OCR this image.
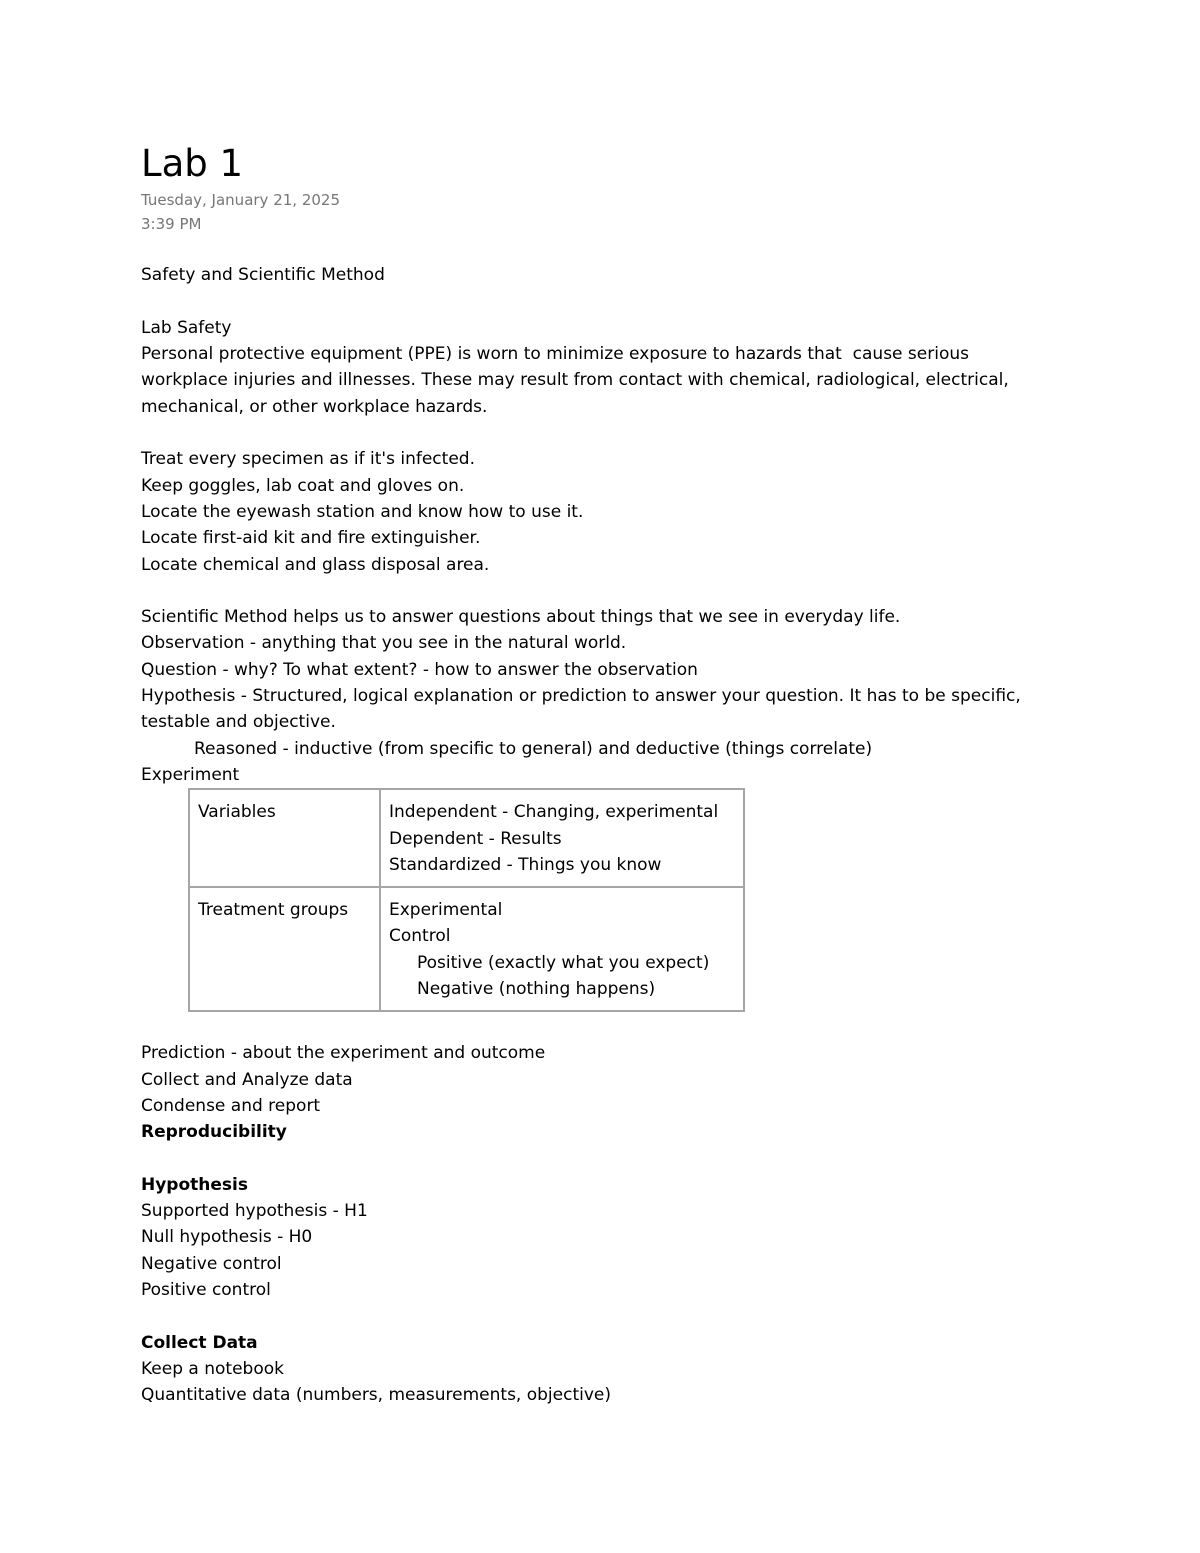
Lab 1
Tuesday, January 21, 2025
3:39 PM
Safety and Scientific Method
Lab Safety
Personal protective equipment (PPE) is worn to minimize exposure to hazards that  cause serious
workplace injuries and illnesses. These may result from contact with chemical, radiological, electrical,
mechanical, or other workplace hazards.
Treat every specimen as if it's infected.
Keep goggles, lab coat and gloves on.
Locate the eyewash station and know how to use it.
Locate first-aid kit and fire extinguisher.
Locate chemical and glass disposal area.
Scientific Method helps us to answer questions about things that we see in everyday life.
Observation - anything that you see in the natural world.
Question - why? To what extent? - how to answer the observation
Hypothesis - Structured, logical explanation or prediction to answer your question. It has to be specific,
testable and objective.
Reasoned - inductive (from specific to general) and deductive (things correlate)
Experiment
Variables	Independent - Changing, experimental
Dependent - Results
Standardized - Things you know

Treatment groups	Experimental
Control
Positive (exactly what you expect)
Negative (nothing happens)
Prediction - about the experiment and outcome
Collect and Analyze data
Condense and report
Reproducibility
Hypothesis
Supported hypothesis - H1
Null hypothesis - H0
Negative control
Positive control
Collect Data
Keep a notebook
Quantitative data (numbers, measurements, objective)
